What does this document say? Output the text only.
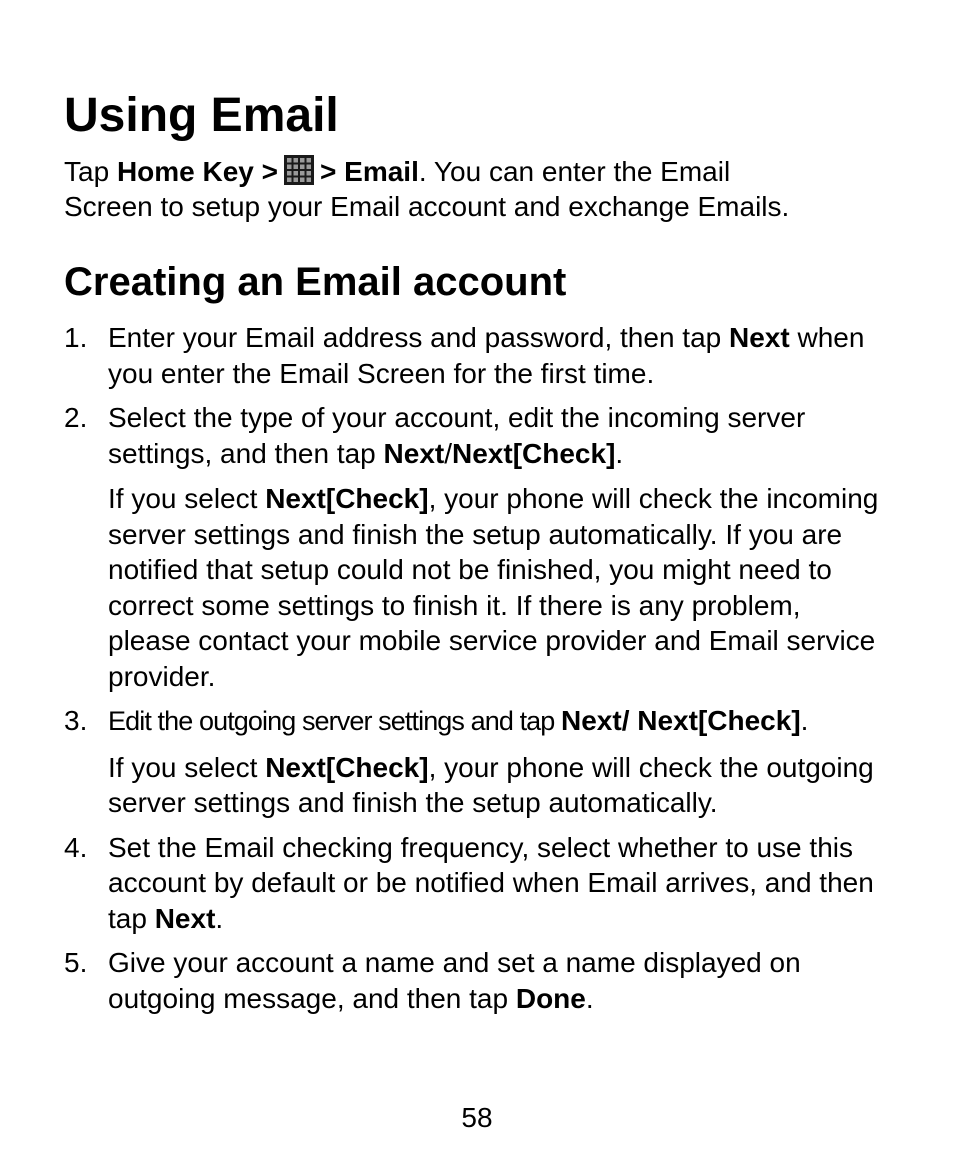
Using Email

Tap Home Key > > Email. You can enter the Email
Screen to setup your Email account and exchange Emails.

Creating an Email account
1. Enter your Email address and password, then tap Next when you enter the Email Screen for the first time.

2. Select the type of your account, edit the incoming server settings, and then tap Next/Next[Check].

If you select Next[Check], your phone will check the incoming server settings and finish the setup automatically. If you are notified that setup could not be finished, you might need to correct some settings to finish it. If there is any problem, please contact your mobile service provider and Email service provider.

3. Edit the outgoing server settings and tap Next/ Next[Check].

If you select Next[Check], your phone will check the outgoing server settings and finish the setup automatically.

4. Set the Email checking frequency, select whether to use this account by default or be notified when Email arrives, and then tap Next.

5. Give your account a name and set a name displayed on outgoing message, and then tap Done.

58
